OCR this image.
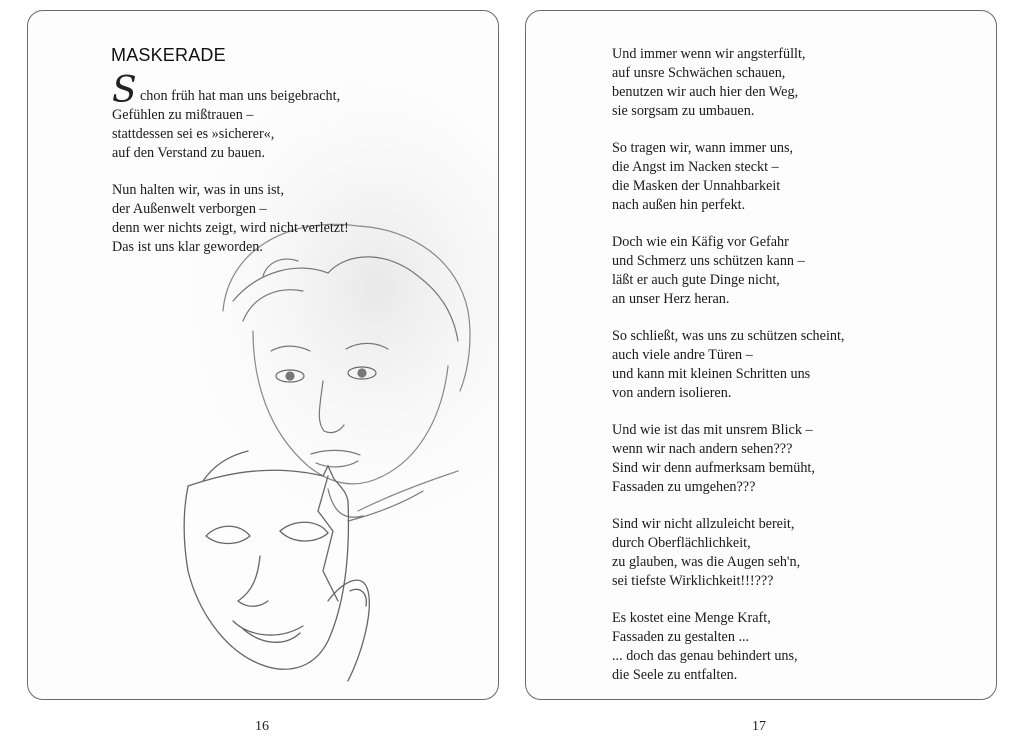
MASKERADE
S chon früh hat man uns beigebracht,
Gefühlen zu mißtrauen –
stattdessen sei es »sicherer«,
auf den Verstand zu bauen.
Nun halten wir, was in uns ist,
der Außenwelt verborgen –
denn wer nichts zeigt, wird nicht verletzt!
Das ist uns klar geworden.
Und immer wenn wir angsterfüllt,
auf unsre Schwächen schauen,
benutzen wir auch hier den Weg,
sie sorgsam zu umbauen.
So tragen wir, wann immer uns,
die Angst im Nacken steckt –
die Masken der Unnahbarkeit
nach außen hin perfekt.
Doch wie ein Käfig vor Gefahr
und Schmerz uns schützen kann –
läßt er auch gute Dinge nicht,
an unser Herz heran.
So schließt, was uns zu schützen scheint,
auch viele andre Türen –
und kann mit kleinen Schritten uns
von andern isolieren.
Und wie ist das mit unsrem Blick –
wenn wir nach andern sehen???
Sind wir denn aufmerksam bemüht,
Fassaden zu umgehen???
Sind wir nicht allzuleicht bereit,
durch Oberflächlichkeit,
zu glauben, was die Augen seh'n,
sei tiefste Wirklichkeit!!!???
Es kostet eine Menge Kraft,
Fassaden zu gestalten ...
... doch das genau behindert uns,
die Seele zu entfalten.
16	17
